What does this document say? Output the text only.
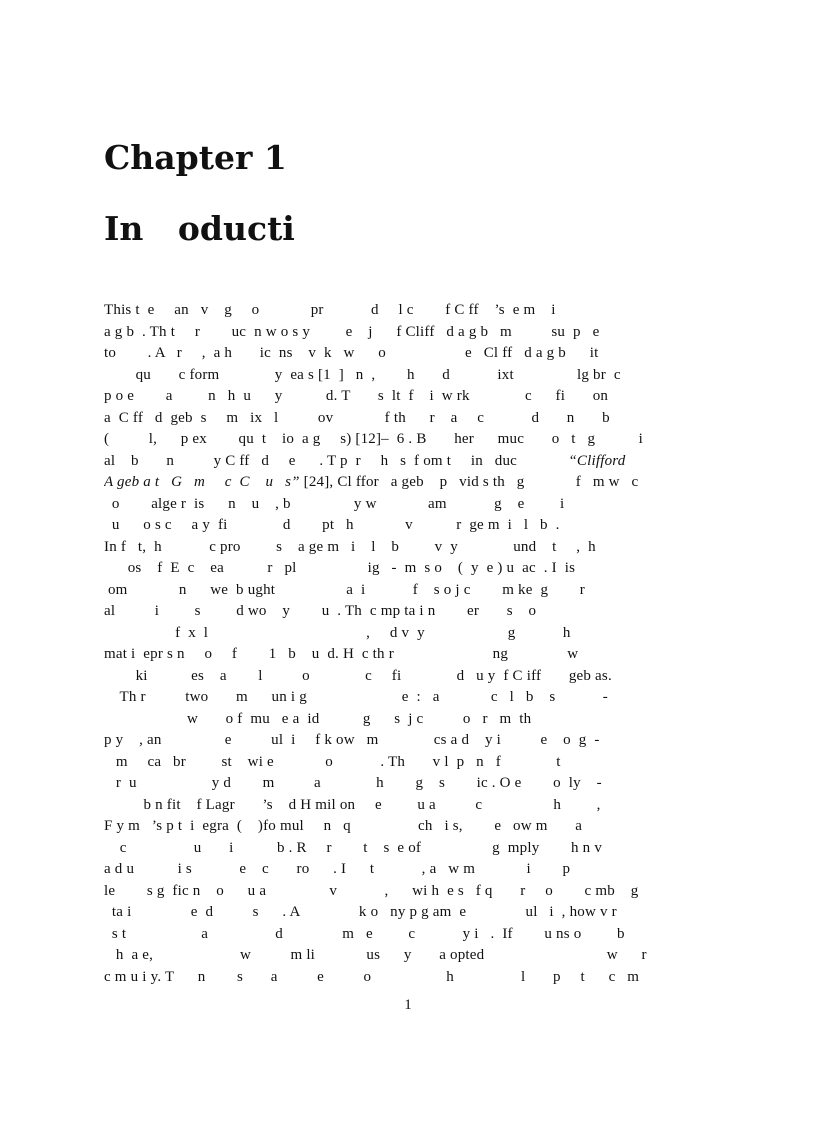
Chapter 1
In   oducti
This t  e     an   v    g     o             pr            d     l c        f C ff    ’s  e m    i
a g b  . Th t     r        uc  n w o s y         e    j      f Cliff   d a g b   m          su  p   e
to        . A   r     ,  a h       ic  ns    v  k   w      o                    e   Cl ff   d a g b      it
qu       c form              y  ea s [1  ]   n  ,        h       d            ixt                lg br  c
p o e        a         n   h  u      y           d. T       s  lt  f    i  w rk              c      fi       on
a  C ff   d  geb  s     m   ix   l          ov             f th      r    a     c            d       n       b
(          l,      p ex        qu  t    io  a g     s) [12]–  6 . B       her      muc       o   t   g           i
al    b       n          y C ff   d     e      . T p  r     h   s  f om t     in   duc             “Clifford
A geb a t   G   m     c  C    u   s” [24], Cl ffor   a geb    p   vid s th   g             f   m w   c
o        alge r  is      n    u    , b                y w             am            g    e         i
u      o s c     a y  fi              d        pt   h             v           r  ge m  i   l   b  .
In f   t,  h            c pro         s    a ge m   i    l    b         v  y              und    t     ,  h
os    f  E  c    ea           r   pl                  ig   -  m  s o    (  y  e ) u  ac  . I  is
om             n      we  b ught                  a  i            f    s o j c        m ke  g        r
al          i         s         d wo    y        u  . Th  c mp ta i n        er       s    o
f  x  l                                        ,     d v  y                     g            h
mat i  epr s n     o     f        1   b    u  d. H  c th r                         ng               w
ki           es    a        l          o              c     fi              d   u y  f C iff       geb as.
Th r          two       m      un i g                        e  :   a             c   l   b    s            -
w       o f  mu   e a  id           g      s  j c          o   r   m  th
p y    , an                e          ul  i     f k ow   m              cs a d    y i          e    o  g  -
m     ca   br         st    wi e             o            . Th       v l  p   n   f              t
r  u                   y d        m          a              h        g    s        ic . O e        o  ly    -
b n fit    f Lagr       ’s    d H mil on     e         u a          c                  h         ,
F y m   ’s p t  i  egra  (    )fo mul     n   q                 ch   i s,        e   ow m       a
c                 u       i           b . R     r        t    s  e of                  g  mply        h n v
a d u           i s            e    c       ro      . I      t            , a   w m             i        p
le        s g  fic n    o      u a                v            ,      wi h  e s   f q       r     o        c mb    g
ta i               e  d          s      . A               k o   ny p g am  e               ul   i  , how v r
s t                   a                 d               m   e         c            y i   .  If        u ns o         b
h  a e,                      w          m li             us      y       a opted                               w      r
c m u i y. T      n        s       a          e          o                   h                 l       p     t      c   m
1
